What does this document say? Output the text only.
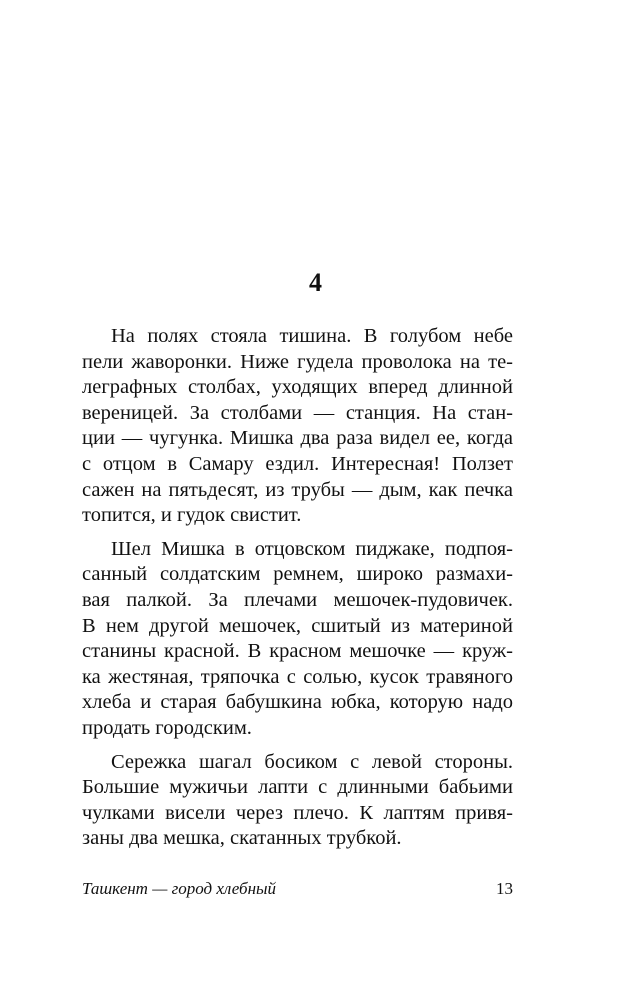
4

На полях стояла тишина. В голубом небе
пели жаворонки. Ниже гудела проволока на те-
леграфных столбах, уходящих вперед длинной
вереницей. За столбами — станция. На стан-
ции — чугунка. Мишка два раза видел ее, когда
с отцом в Самару ездил. Интересная! Ползет
сажен на пятьдесят, из трубы — дым, как печка
топится, и гудок свистит.

Шел Мишка в отцовском пиджаке, подпоя-
санный солдатским ремнем, широко размахи-
вая палкой. За плечами мешочек-пудовичек.
В нем другой мешочек, сшитый из материной
станины красной. В красном мешочке — круж-
ка жестяная, тряпочка с солью, кусок травяного
хлеба и старая бабушкина юбка, которую надо
продать городским.

Сережка шагал босиком с левой стороны.
Большие мужичьи лапти с длинными бабьими
чулками висели через плечо. К лаптям привя-
заны два мешка, скатанных трубкой.

Ташкент — город хлебный	13
